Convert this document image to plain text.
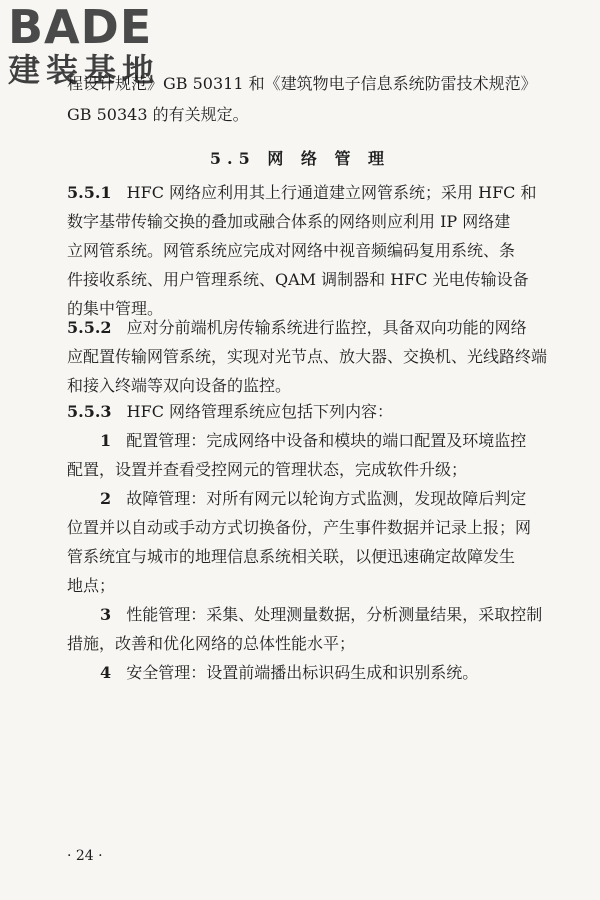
BADE
建装基地
程设计规范》GB 50311 和《建筑物电子信息系统防雷技术规范》
GB 50343 的有关规定。
5.5 网 络 管 理
5.5.1 HFC 网络应利用其上行通道建立网管系统；采用 HFC 和
数字基带传输交换的叠加或融合体系的网络则应利用 IP 网络建
立网管系统。网管系统应完成对网络中视音频编码复用系统、条
件接收系统、用户管理系统、QAM 调制器和 HFC 光电传输设备
的集中管理。
5.5.2 应对分前端机房传输系统进行监控，具备双向功能的网络
应配置传输网管系统，实现对光节点、放大器、交换机、光线路终端
和接入终端等双向设备的监控。
5.5.3 HFC 网络管理系统应包括下列内容：
1 配置管理：完成网络中设备和模块的端口配置及环境监控
配置，设置并查看受控网元的管理状态，完成软件升级；
2 故障管理：对所有网元以轮询方式监测，发现故障后判定
位置并以自动或手动方式切换备份，产生事件数据并记录上报；网
管系统宜与城市的地理信息系统相关联，以便迅速确定故障发生
地点；
3 性能管理：采集、处理测量数据，分析测量结果，采取控制
措施，改善和优化网络的总体性能水平；
4 安全管理：设置前端播出标识码生成和识别系统。
· 24 ·
